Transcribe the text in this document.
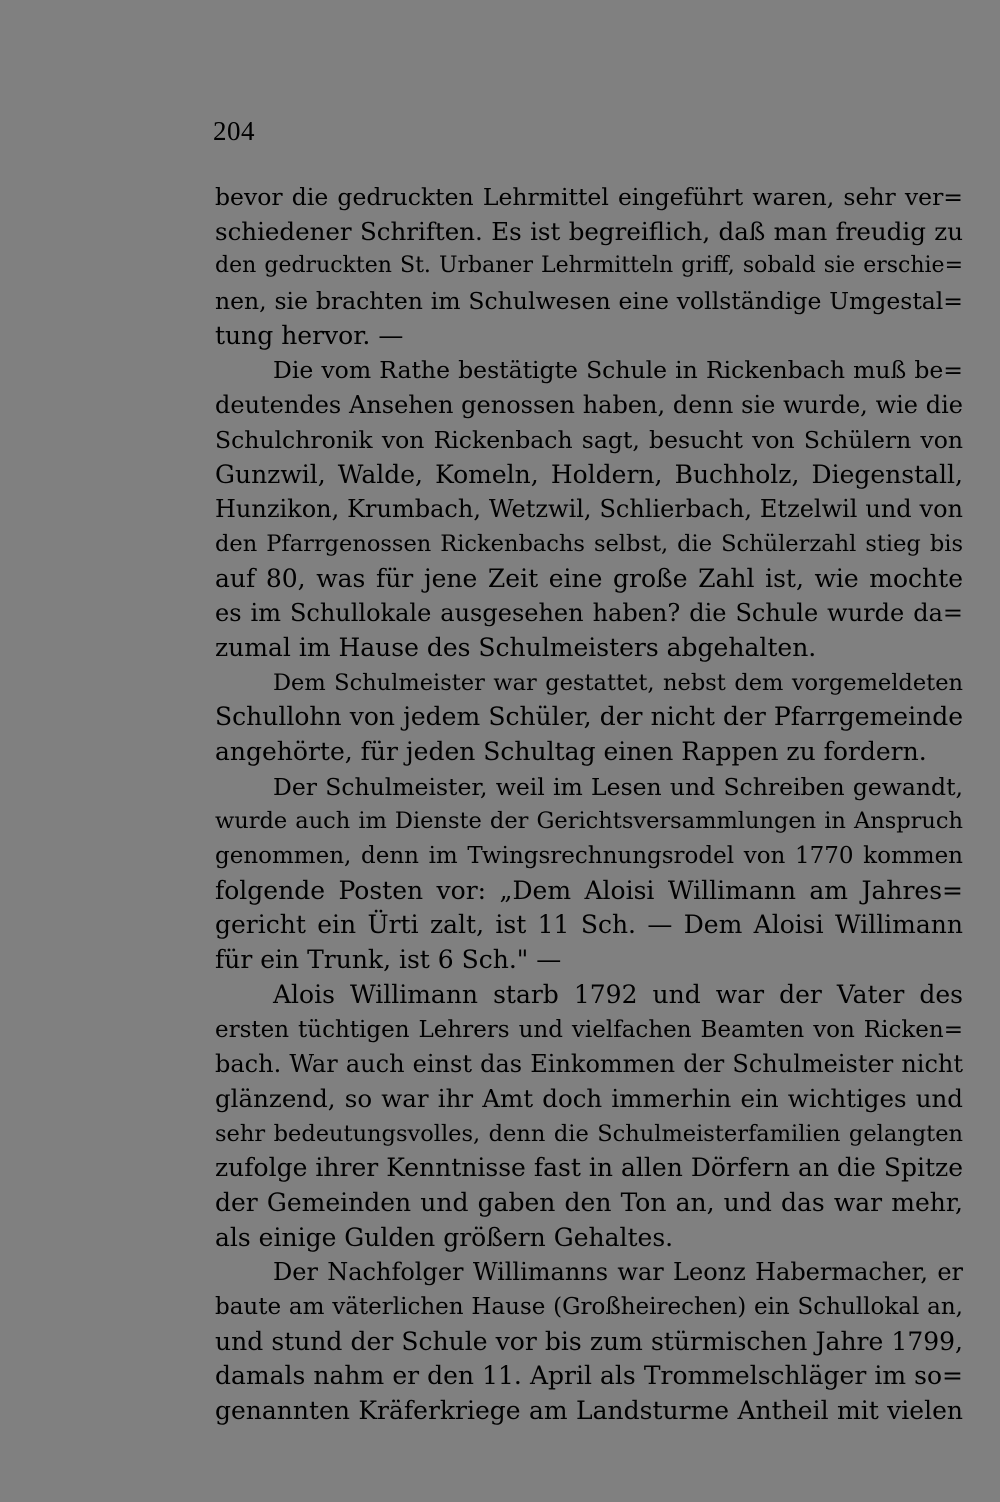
204
bevor die gedruckten Lehrmittel eingeführt waren, sehr ver=
schiedener Schriften. Es ist begreiflich, daß man freudig zu
den gedruckten St. Urbaner Lehrmitteln griff, sobald sie erschie=
nen, sie brachten im Schulwesen eine vollständige Umgestal=
tung hervor. —
Die vom Rathe bestätigte Schule in Rickenbach muß be=
deutendes Ansehen genossen haben, denn sie wurde, wie die
Schulchronik von Rickenbach sagt, besucht von Schülern von
Gunzwil, Walde, Komeln, Holdern, Buchholz, Diegenstall,
Hunzikon, Krumbach, Wetzwil, Schlierbach, Etzelwil und von
den Pfarrgenossen Rickenbachs selbst, die Schülerzahl stieg bis
auf 80, was für jene Zeit eine große Zahl ist, wie mochte
es im Schullokale ausgesehen haben? die Schule wurde da=
zumal im Hause des Schulmeisters abgehalten.
Dem Schulmeister war gestattet, nebst dem vorgemeldeten
Schullohn von jedem Schüler, der nicht der Pfarrgemeinde
angehörte, für jeden Schultag einen Rappen zu fordern.
Der Schulmeister, weil im Lesen und Schreiben gewandt,
wurde auch im Dienste der Gerichtsversammlungen in Anspruch
genommen, denn im Twingsrechnungsrodel von 1770 kommen
folgende Posten vor: „Dem Aloisi Willimann am Jahres=
gericht ein Ürti zalt, ist 11 Sch. — Dem Aloisi Willimann
für ein Trunk, ist 6 Sch." —
Alois Willimann starb 1792 und war der Vater des
ersten tüchtigen Lehrers und vielfachen Beamten von Ricken=
bach. War auch einst das Einkommen der Schulmeister nicht
glänzend, so war ihr Amt doch immerhin ein wichtiges und
sehr bedeutungsvolles, denn die Schulmeisterfamilien gelangten
zufolge ihrer Kenntnisse fast in allen Dörfern an die Spitze
der Gemeinden und gaben den Ton an, und das war mehr,
als einige Gulden größern Gehaltes.
Der Nachfolger Willimanns war Leonz Habermacher, er
baute am väterlichen Hause (Großheirechen) ein Schullokal an,
und stund der Schule vor bis zum stürmischen Jahre 1799,
damals nahm er den 11. April als Trommelschläger im so=
genannten Kräferkriege am Landsturme Antheil mit vielen
